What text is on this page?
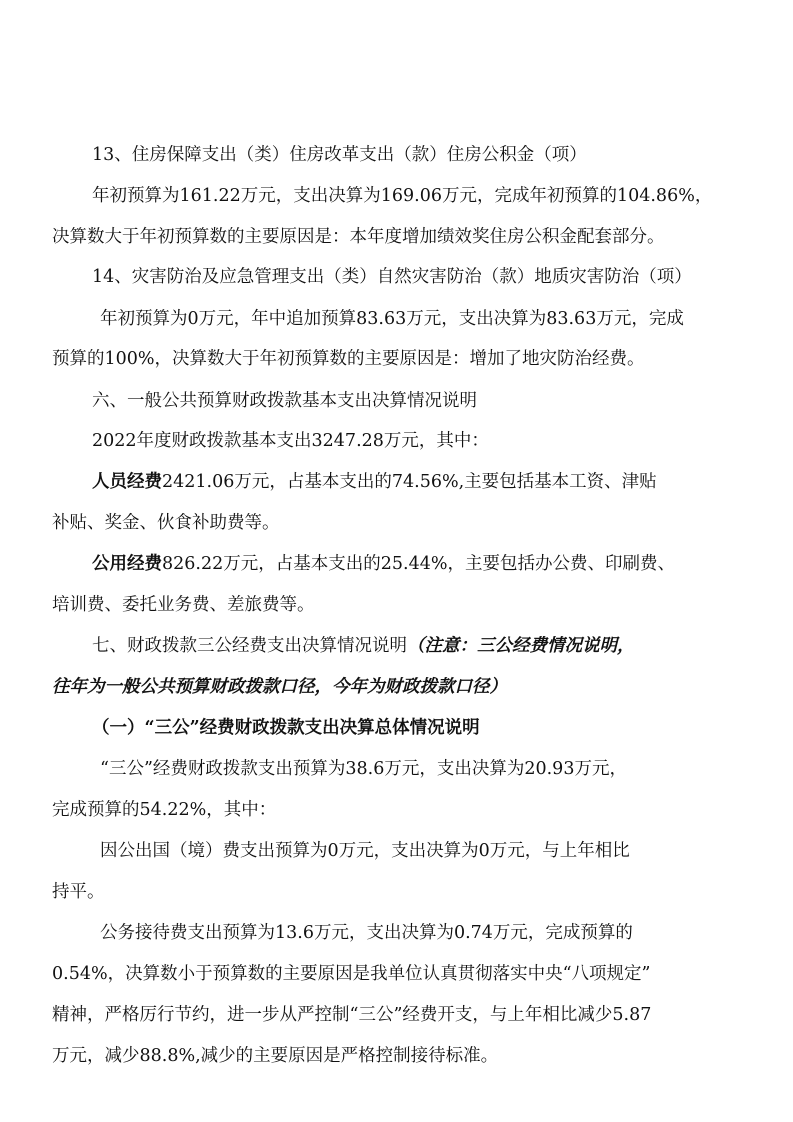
13、住房保障支出（类）住房改革支出（款）住房公积金（项）
年初预算为161.22万元，支出决算为169.06万元，完成年初预算的104.86%，
决算数大于年初预算数的主要原因是：本年度增加绩效奖住房公积金配套部分。
14、灾害防治及应急管理支出（类）自然灾害防治（款）地质灾害防治（项）
年初预算为0万元，年中追加预算83.63万元，支出决算为83.63万元，完成
预算的100%，决算数大于年初预算数的主要原因是：增加了地灾防治经费。
六、一般公共预算财政拨款基本支出决算情况说明
2022年度财政拨款基本支出3247.28万元，其中：
人员经费2421.06万元，占基本支出的74.56%,主要包括基本工资、津贴
补贴、奖金、伙食补助费等。
公用经费826.22万元，占基本支出的25.44%，主要包括办公费、印刷费、
培训费、委托业务费、差旅费等。
七、财政拨款三公经费支出决算情况说明（注意：三公经费情况说明，
往年为一般公共预算财政拨款口径，今年为财政拨款口径）
（一）“三公”经费财政拨款支出决算总体情况说明
“三公”经费财政拨款支出预算为38.6万元，支出决算为20.93万元，
完成预算的54.22%，其中：
因公出国（境）费支出预算为0万元，支出决算为0万元，与上年相比
持平。
公务接待费支出预算为13.6万元，支出决算为0.74万元，完成预算的
0.54%，决算数小于预算数的主要原因是我单位认真贯彻落实中央“八项规定”
精神，严格厉行节约，进一步从严控制“三公”经费开支，与上年相比减少5.87
万元，减少88.8%,减少的主要原因是严格控制接待标准。
